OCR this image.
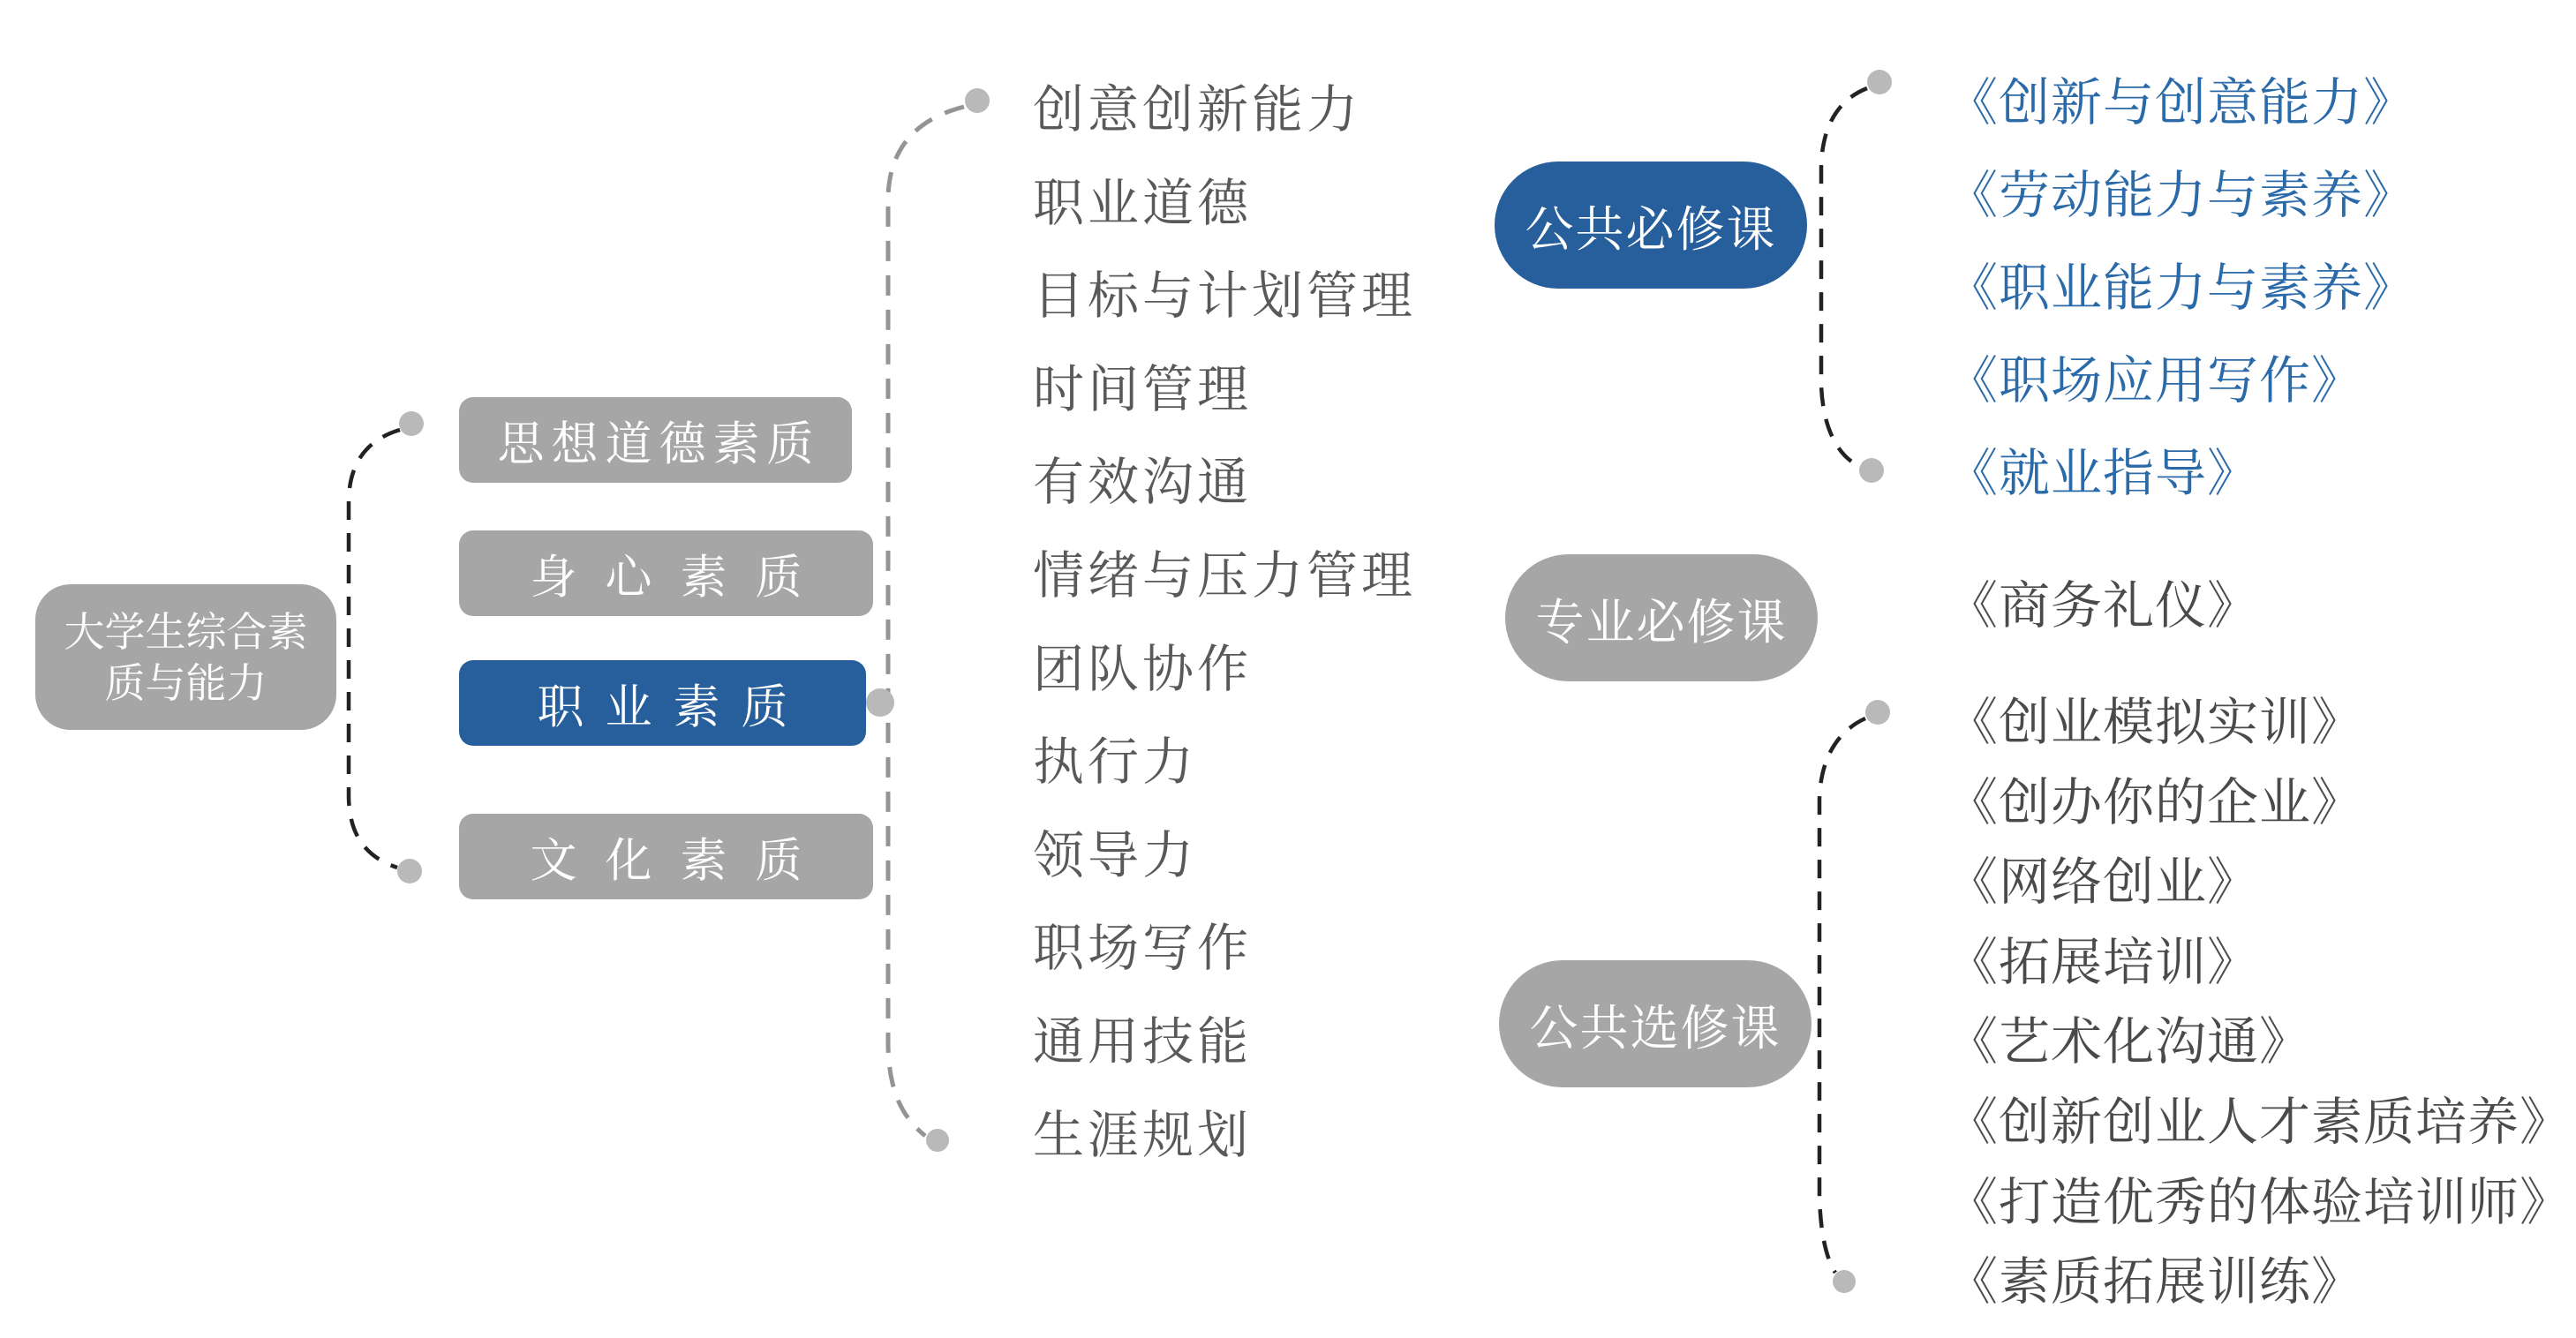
大学生综合素
质与能力
思想道德素质
身心素质
职业素质
文化素质
创意创新能力
职业道德
目标与计划管理
时间管理
有效沟通
情绪与压力管理
团队协作
执行力
领导力
职场写作
通用技能
生涯规划
公共必修课
专业必修课
公共选修课
《创新与创意能力》
《劳动能力与素养》
《职业能力与素养》
《职场应用写作》
《就业指导》
《商务礼仪》
《创业模拟实训》
《创办你的企业》
《网络创业》
《拓展培训》
《艺术化沟通》
《创新创业人才素质培养》
《打造优秀的体验培训师》
《素质拓展训练》
